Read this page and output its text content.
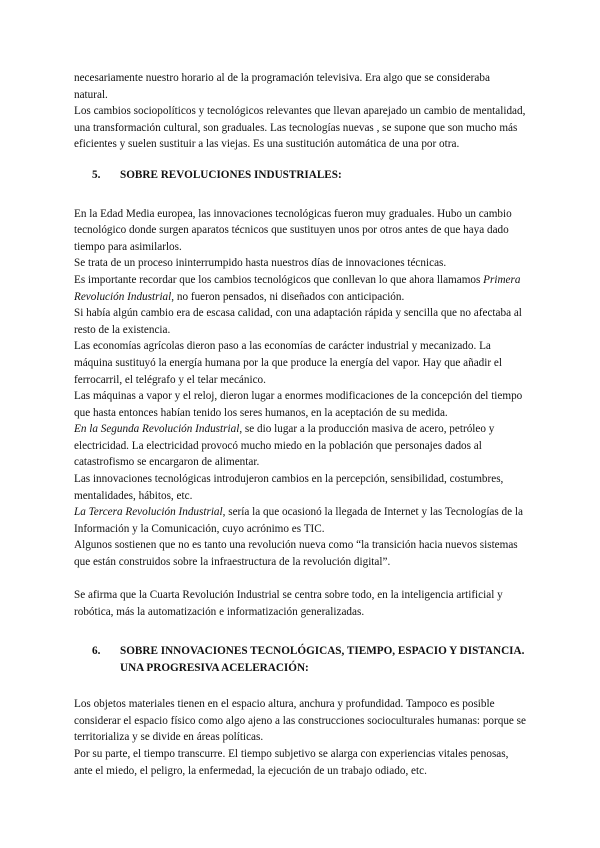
necesariamente nuestro horario al de la programación televisiva. Era algo que se consideraba natural.

Los cambios sociopolíticos y tecnológicos relevantes que llevan aparejado un cambio de mentalidad, una transformación cultural, son graduales. Las tecnologías nuevas , se supone que son mucho más eficientes y suelen sustituir a las viejas. Es una sustitución automática de una por otra.

5.	SOBRE REVOLUCIONES INDUSTRIALES:

En la Edad Media europea, las innovaciones tecnológicas fueron muy graduales. Hubo un cambio tecnológico donde surgen aparatos técnicos que sustituyen unos por otros antes de que haya dado tiempo para asimilarlos.

Se trata de un proceso ininterrumpido hasta nuestros días de innovaciones técnicas.

Es importante recordar que los cambios tecnológicos que conllevan lo que ahora llamamos Primera Revolución Industrial, no fueron pensados, ni diseñados con anticipación.

Si había algún cambio era de escasa calidad, con una adaptación rápida y sencilla que no afectaba al resto de la existencia.

Las economías agrícolas dieron paso a las economías de carácter industrial y mecanizado. La máquina sustituyó la energía humana por la que produce la energía del vapor. Hay que añadir el ferrocarril, el telégrafo y el telar mecánico.

Las máquinas a vapor y el reloj, dieron lugar a enormes modificaciones de la concepción del tiempo que hasta entonces habían tenido los seres humanos, en la aceptación de su medida.

En la Segunda Revolución Industrial, se dio lugar a la producción masiva de acero, petróleo y electricidad. La electricidad provocó mucho miedo en la población que personajes dados al catastrofismo se encargaron de alimentar.

Las innovaciones tecnológicas introdujeron cambios en la percepción, sensibilidad, costumbres, mentalidades, hábitos, etc.

La Tercera Revolución Industrial, sería la que ocasionó la llegada de Internet y las Tecnologías de la Información y la Comunicación, cuyo acrónimo es TIC.

Algunos sostienen que no es tanto una revolución nueva como “la transición hacia nuevos sistemas que están construidos sobre la infraestructura de la revolución digital”.

Se afirma que la Cuarta Revolución Industrial se centra sobre todo, en la inteligencia artificial y robótica, más la automatización e informatización generalizadas.

6.	SOBRE INNOVACIONES TECNOLÓGICAS, TIEMPO, ESPACIO Y DISTANCIA. UNA PROGRESIVA ACELERACIÓN:

Los objetos materiales tienen en el espacio altura, anchura y profundidad. Tampoco es posible considerar el espacio físico como algo ajeno a las construcciones socioculturales humanas: porque se territorializa y se divide en áreas políticas.

Por su parte, el tiempo transcurre. El tiempo subjetivo se alarga con experiencias vitales penosas, ante el miedo, el peligro, la enfermedad, la ejecución de un trabajo odiado, etc.
